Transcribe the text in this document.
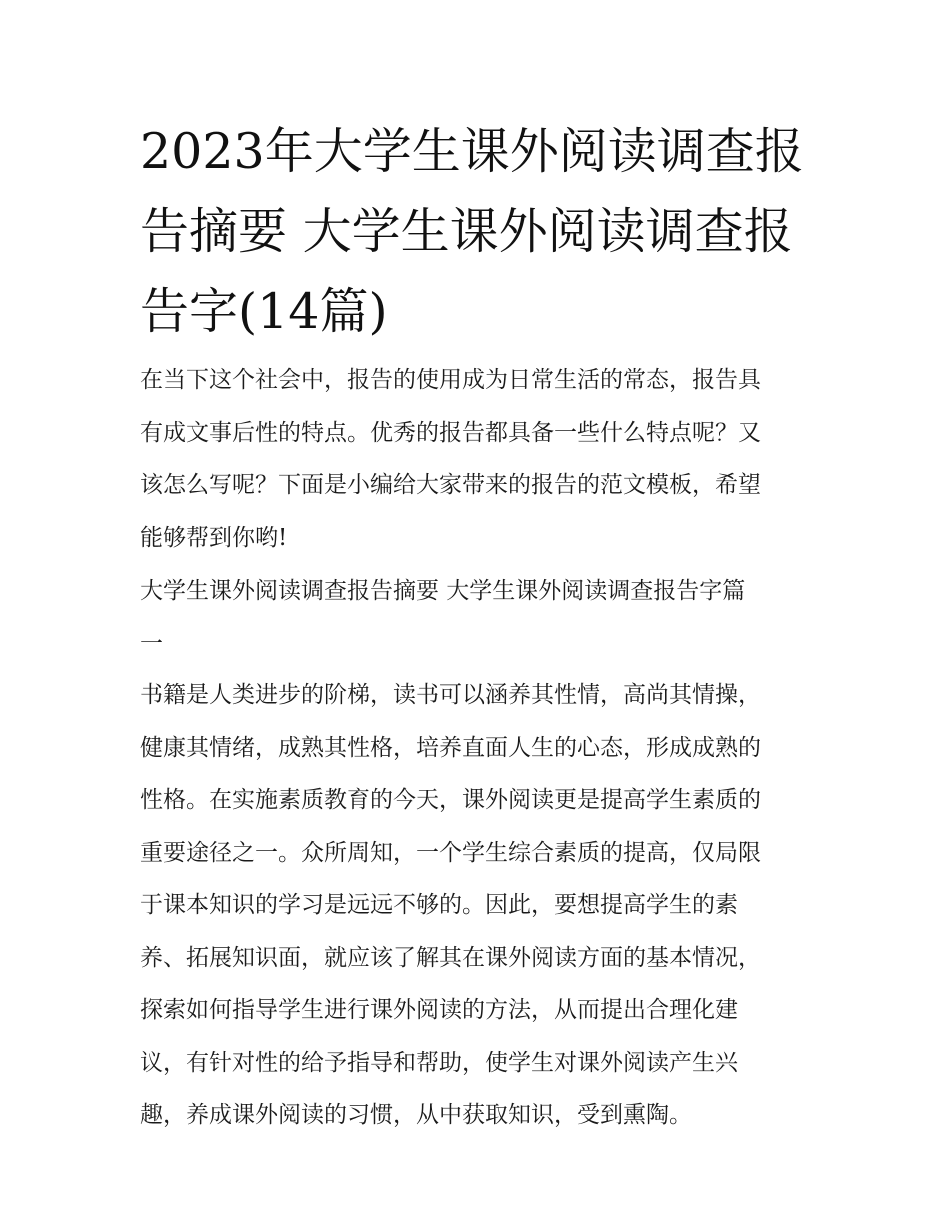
2023年大学生课外阅读调查报
告摘要 大学生课外阅读调查报
告字(14篇)
在当下这个社会中，报告的使用成为日常生活的常态，报告具
有成文事后性的特点。优秀的报告都具备一些什么特点呢？又
该怎么写呢？下面是小编给大家带来的报告的范文模板，希望
能够帮到你哟!
大学生课外阅读调查报告摘要 大学生课外阅读调查报告字篇
一
书籍是人类进步的阶梯，读书可以涵养其性情，高尚其情操，
健康其情绪，成熟其性格，培养直面人生的心态，形成成熟的
性格。在实施素质教育的今天，课外阅读更是提高学生素质的
重要途径之一。众所周知，一个学生综合素质的提高，仅局限
于课本知识的学习是远远不够的。因此，要想提高学生的素
养、拓展知识面，就应该了解其在课外阅读方面的基本情况，
探索如何指导学生进行课外阅读的方法，从而提出合理化建
议，有针对性的给予指导和帮助，使学生对课外阅读产生兴
趣，养成课外阅读的习惯，从中获取知识，受到熏陶。
